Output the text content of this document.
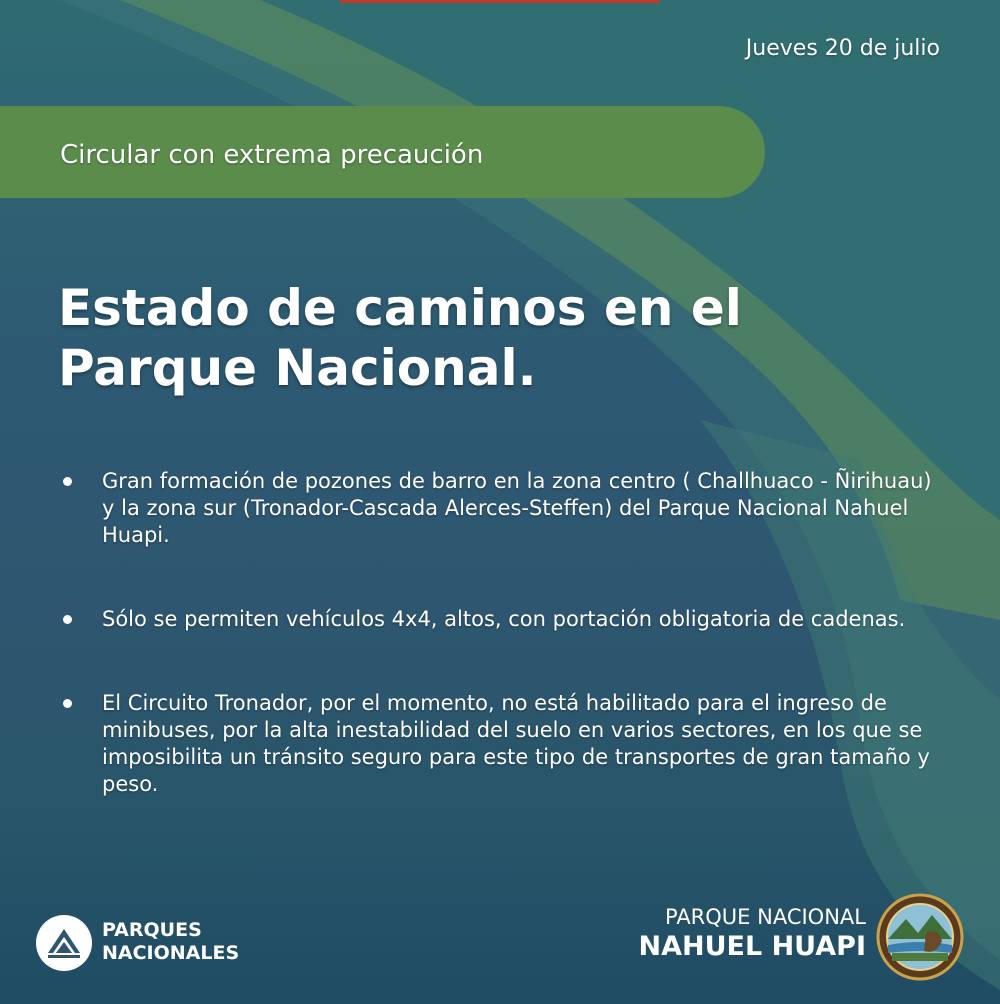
Jueves 20 de julio
Circular con extrema precaución
Estado de caminos en el
Parque Nacional.
Gran formación de pozones de barro en la zona centro ( Challhuaco - Ñirihuau) y la zona sur (Tronador-Cascada Alerces-Steffen) del Parque Nacional Nahuel Huapi.
Sólo se permiten vehículos 4x4, altos, con portación obligatoria de cadenas.
El Circuito Tronador, por el momento, no está habilitado para el ingreso de minibuses, por la alta inestabilidad del suelo en varios sectores, en los que se imposibilita un tránsito seguro para este tipo de transportes de gran tamaño y peso.
PARQUES
NACIONALES
PARQUE NACIONAL
NAHUEL HUAPI
